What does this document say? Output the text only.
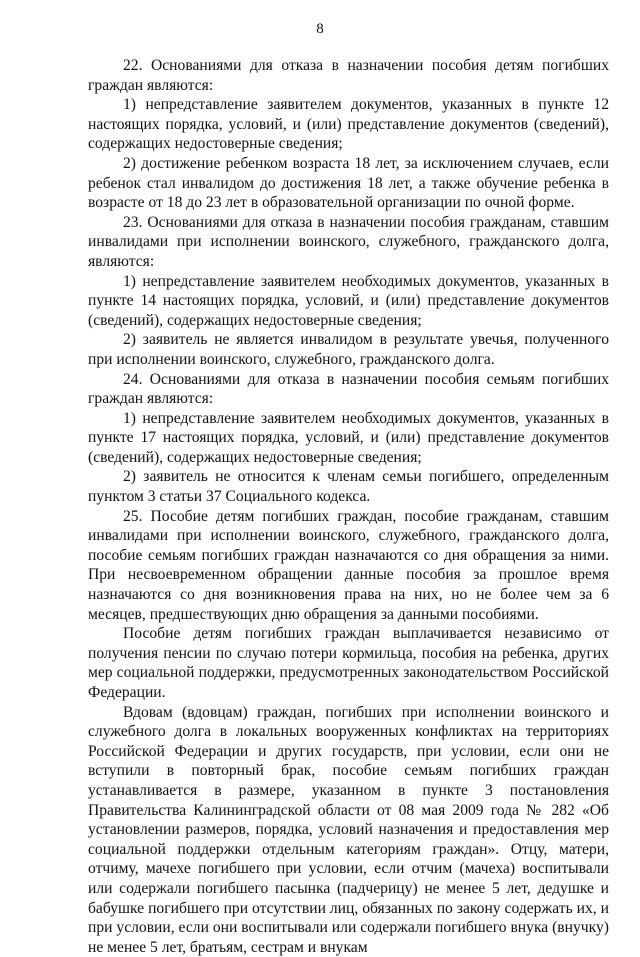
8

22. Основаниями для отказа в назначении пособия детям погибших граждан являются:

1) непредставление заявителем документов, указанных в пункте 12 настоящих порядка, условий, и (или) представление документов (сведений), содержащих недостоверные сведения;

2) достижение ребенком возраста 18 лет, за исключением случаев, если ребенок стал инвалидом до достижения 18 лет, а также обучение ребенка в возрасте от 18 до 23 лет в образовательной организации по очной форме.

23. Основаниями для отказа в назначении пособия гражданам, ставшим инвалидами при исполнении воинского, служебного, гражданского долга, являются:

1) непредставление заявителем необходимых документов, указанных в пункте 14 настоящих порядка, условий, и (или) представление документов (сведений), содержащих недостоверные сведения;

2) заявитель не является инвалидом в результате увечья, полученного при исполнении воинского, служебного, гражданского долга.

24. Основаниями для отказа в назначении пособия семьям погибших граждан являются:

1) непредставление заявителем необходимых документов, указанных в пункте 17 настоящих порядка, условий, и (или) представление документов (сведений), содержащих недостоверные сведения;

2) заявитель не относится к членам семьи погибшего, определенным пунктом 3 статьи 37 Социального кодекса.

25. Пособие детям погибших граждан, пособие гражданам, ставшим инвалидами при исполнении воинского, служебного, гражданского долга, пособие семьям погибших граждан назначаются со дня обращения за ними. При несвоевременном обращении данные пособия за прошлое время назначаются со дня возникновения права на них, но не более чем за 6 месяцев, предшествующих дню обращения за данными пособиями.

Пособие детям погибших граждан выплачивается независимо от получения пенсии по случаю потери кормильца, пособия на ребенка, других мер социальной поддержки, предусмотренных законодательством Российской Федерации.

Вдовам (вдовцам) граждан, погибших при исполнении воинского и служебного долга в локальных вооруженных конфликтах на территориях Российской Федерации и других государств, при условии, если они не вступили в повторный брак, пособие семьям погибших граждан устанавливается в размере, указанном в пункте 3 постановления Правительства Калининградской области от 08 мая 2009 года № 282 «Об установлении размеров, порядка, условий назначения и предоставления мер социальной поддержки отдельным категориям граждан». Отцу, матери, отчиму, мачехе погибшего при условии, если отчим (мачеха) воспитывали или содержали погибшего пасынка (падчерицу) не менее 5 лет, дедушке и бабушке погибшего при отсутствии лиц, обязанных по закону содержать их, и при условии, если они воспитывали или содержали погибшего внука (внучку) не менее 5 лет, братьям, сестрам и внукам
